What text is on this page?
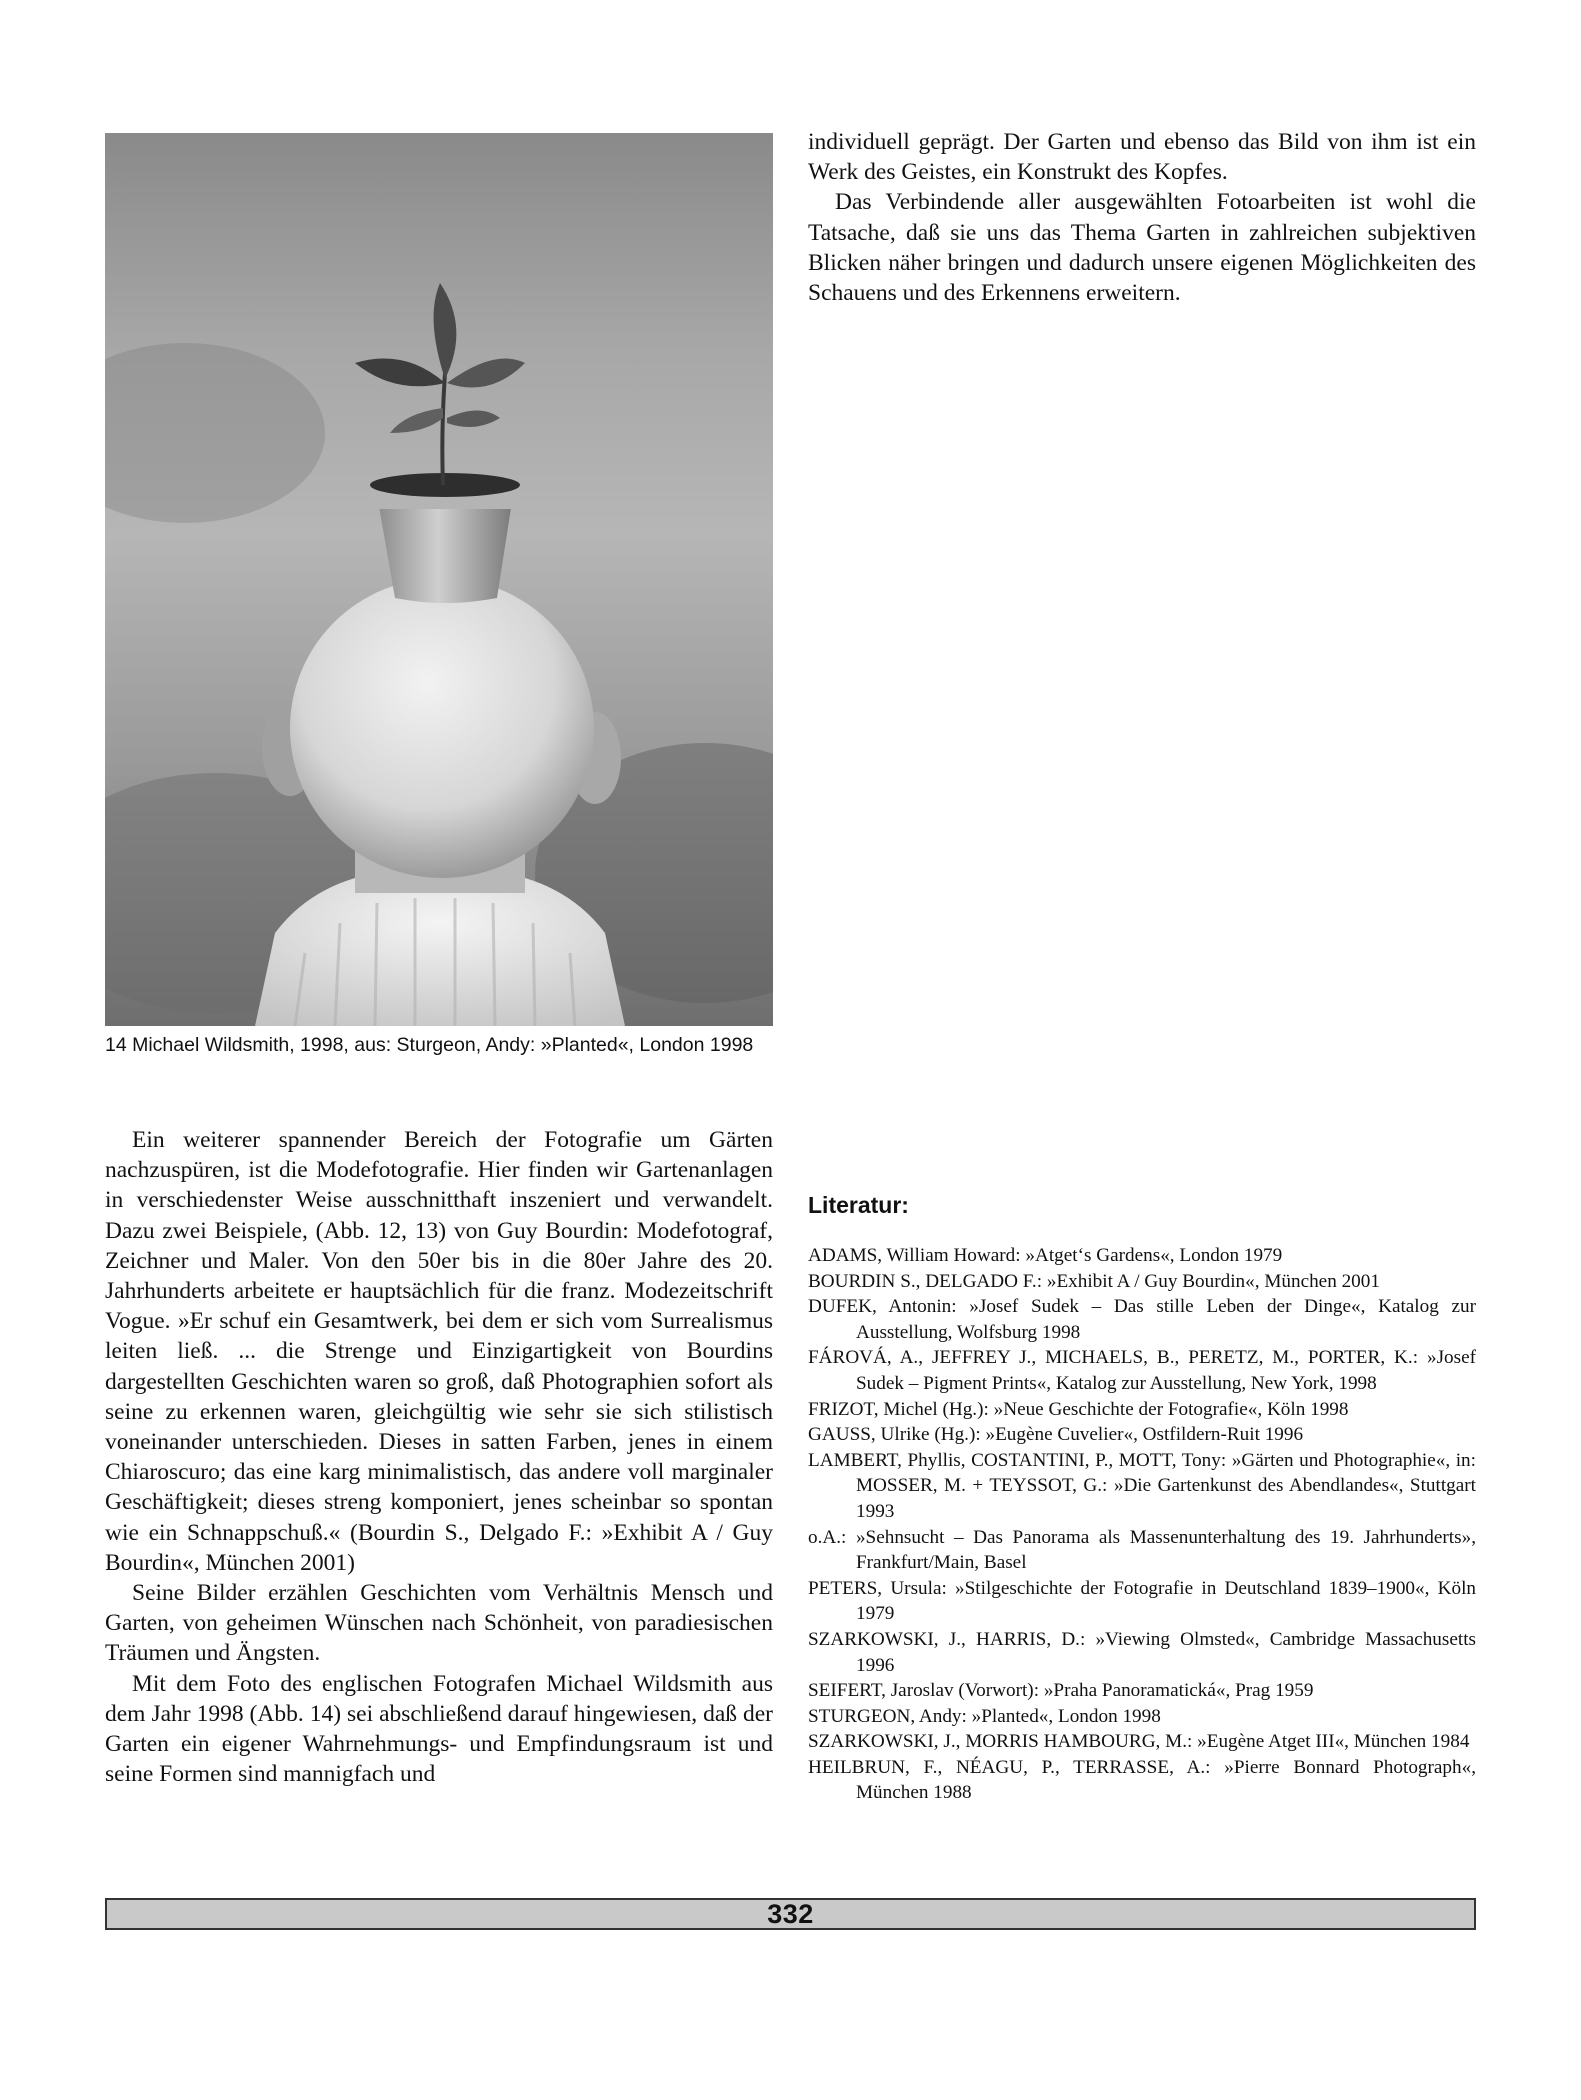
14 Michael Wildsmith, 1998, aus: Sturgeon, Andy: »Planted«, London 1998

Ein weiterer spannender Bereich der Fotografie um Gärten nachzuspüren, ist die Modefotografie. Hier finden wir Gartenanlagen in verschiedenster Weise ausschnitthaft inszeniert und verwandelt. Dazu zwei Beispiele, (Abb. 12, 13) von Guy Bourdin: Modefotograf, Zeichner und Maler. Von den 50er bis in die 80er Jahre des 20. Jahrhunderts arbeitete er hauptsächlich für die franz. Modezeitschrift Vogue. »Er schuf ein Gesamtwerk, bei dem er sich vom Surrealismus leiten ließ. ... die Strenge und Einzigartigkeit von Bourdins dargestellten Geschichten waren so groß, daß Photographien sofort als seine zu erkennen waren, gleichgültig wie sehr sie sich stilistisch voneinander unterschieden. Dieses in satten Farben, jenes in einem Chiaroscuro; das eine karg minimalistisch, das andere voll marginaler Geschäftigkeit; dieses streng komponiert, jenes scheinbar so spontan wie ein Schnappschuß.« (Bourdin S., Delgado F.: »Exhibit A / Guy Bourdin«, München 2001)

Seine Bilder erzählen Geschichten vom Verhältnis Mensch und Garten, von geheimen Wünschen nach Schönheit, von paradiesischen Träumen und Ängsten.

Mit dem Foto des englischen Fotografen Michael Wildsmith aus dem Jahr 1998 (Abb. 14) sei abschließend darauf hingewiesen, daß der Garten ein eigener Wahrnehmungs- und Empfindungsraum ist und seine Formen sind mannigfach und

individuell geprägt. Der Garten und ebenso das Bild von ihm ist ein Werk des Geistes, ein Konstrukt des Kopfes.

Das Verbindende aller ausgewählten Fotoarbeiten ist wohl die Tatsache, daß sie uns das Thema Garten in zahlreichen subjektiven Blicken näher bringen und dadurch unsere eigenen Möglichkeiten des Schauens und des Erkennens erweitern.

Literatur:
ADAMS, William Howard: »Atget‘s Gardens«, London 1979
BOURDIN S., DELGADO F.: »Exhibit A / Guy Bourdin«, München 2001
DUFEK, Antonin: »Josef Sudek – Das stille Leben der Dinge«, Katalog zur Ausstellung, Wolfsburg 1998
FÁROVÁ, A., JEFFREY J., MICHAELS, B., PERETZ, M., PORTER, K.: »Josef Sudek – Pigment Prints«, Katalog zur Ausstellung, New York, 1998
FRIZOT, Michel (Hg.): »Neue Geschichte der Fotografie«, Köln 1998
GAUSS, Ulrike (Hg.): »Eugène Cuvelier«, Ostfildern-Ruit 1996
LAMBERT, Phyllis, COSTANTINI, P., MOTT, Tony: »Gärten und Photographie«, in: MOSSER, M. + TEYSSOT, G.: »Die Gartenkunst des Abendlandes«, Stuttgart 1993
o.A.: »Sehnsucht – Das Panorama als Massenunterhaltung des 19. Jahrhunderts», Frankfurt/Main, Basel
PETERS, Ursula: »Stilgeschichte der Fotografie in Deutschland 1839–1900«, Köln 1979
SZARKOWSKI, J., HARRIS, D.: »Viewing Olmsted«, Cambridge Massachusetts 1996
SEIFERT, Jaroslav (Vorwort): »Praha Panoramatická«, Prag 1959
STURGEON, Andy: »Planted«, London 1998
SZARKOWSKI, J., MORRIS HAMBOURG, M.: »Eugène Atget III«, München 1984
HEILBRUN, F., NÉAGU, P., TERRASSE, A.: »Pierre Bonnard Photograph«, München 1988
332
